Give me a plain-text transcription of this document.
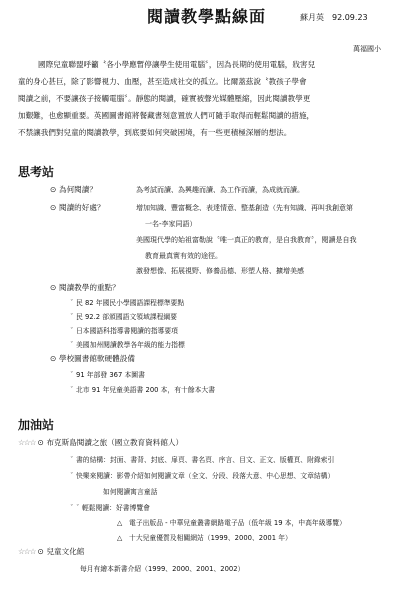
閱讀教學點線面	蘇月英　92.09.23
萬福國小
國際兒童聯盟呼籲〝各小學應暫停讓學生使用電腦〞，因為長期的使用電腦，戕害兒
童的身心甚巨，除了影響視力、血壓，甚至造成社交的孤立。比爾蓋茲說〝教孩子學會
閱讀之前，不要讓孩子接觸電腦〞。靜態的閱讀，確實被聲光媒體壓縮，因此閱讀教學更
加艱難，也愈顯重要。英國圖書館將餐藏書刻意置放人們可隨手取得而輕鬆閱讀的措施，
不禁讓我們對兒童的閱讀教學，到底要如何突破困境，有一些更積極深層的想法。
思考站
⊙ 為何閱讀？	為考試而讀、為興趣而讀、為工作而讀，為成就而讀。
⊙ 閱讀的好處？	增加知識、豐富概念、表達情意、整基創造（先有知識、再叫我創意第
一名-李家同語）
美國現代學的始祖富勒說〝唯一真正的教育，是自我教育〞，閱讀是自我
教育最真實有效的途徑。
激發想像、拓展視野、修養品德、形塑人格、擴增美感
⊙ 閱讀教學的重點？
ˇ 民 82 年國民小學國語課程標準要點
ˇ 民 92.2 部頒國語文領域課程綱要
ˇ 日本國語科指導書閱讀的指導要項
ˇ 美國加州閱讀教學各年級的能力指標
⊙ 學校圖書館軟硬體設備
ˇ 91 年部發 367 本圖書
ˇ 北市 91 年兒童美語書 200 本，有十餘本大書
加油站
☆☆☆ ⊙ 布克斯島閱讀之旅（國立教育資料館人）
ˇ 書的結構：封面、書背、封底、扉頁、書名頁、序言、目文、正文、版權頁、附錄索引
ˇ 快樂來閱讀：影帶介紹如何閱讀文章（全文、分段、段落大意、中心思想、文章結構）
如何閱讀寓言童話
ˇ ˇ 輕鬆閱讀：好書博覽會
△　電子出版品 - 中華兒童叢書網路電子品（低年級 19 本，中高年級導覽）
△　十大兒童優質及相關網站（1999、2000、2001 年）
☆☆☆ ⊙ 兒童文化館
每月有繪本新書介紹（1999、2000、2001、2002）
